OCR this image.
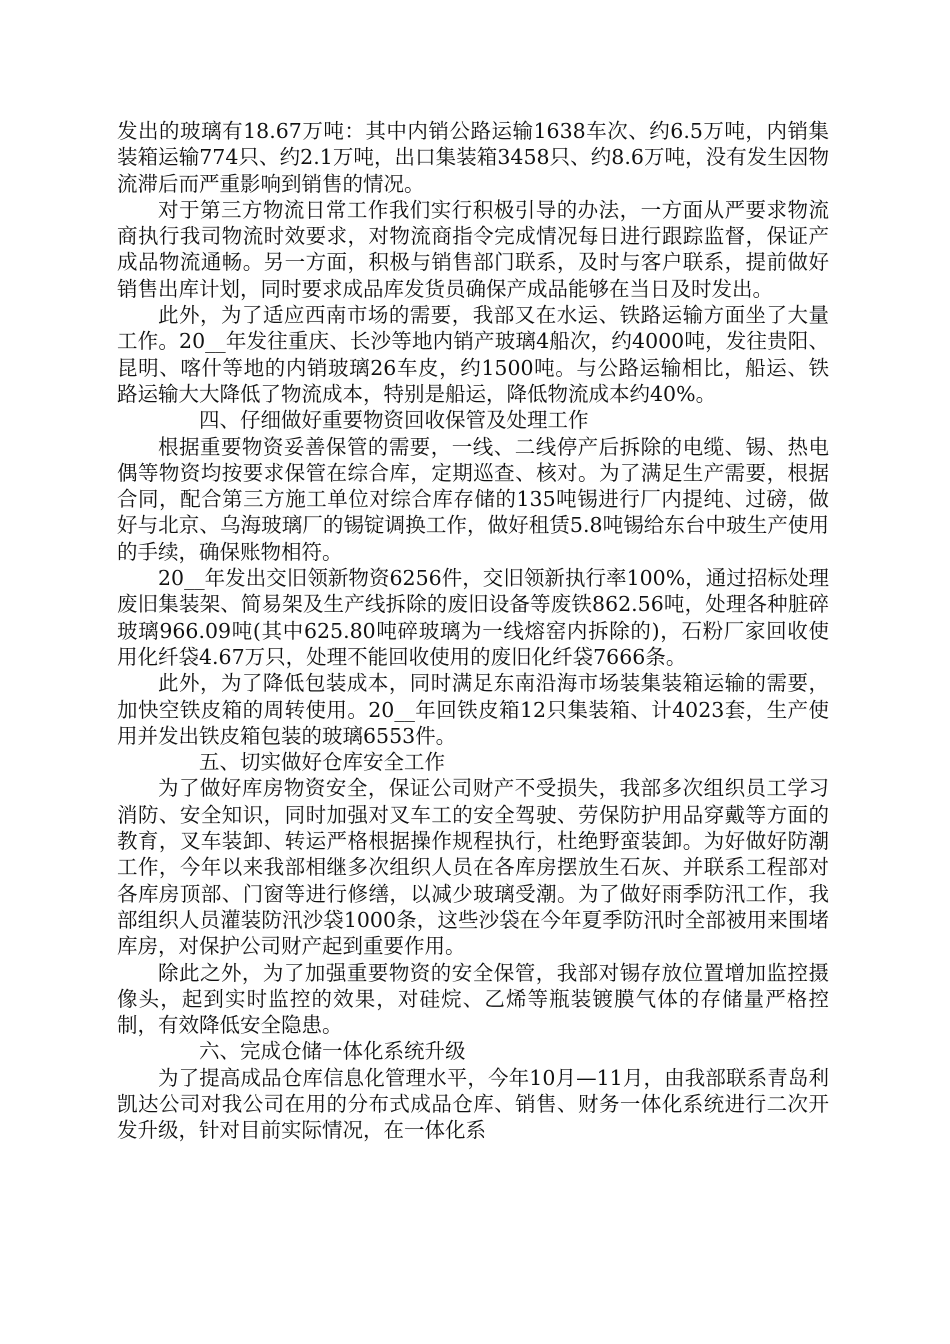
发出的玻璃有18.67万吨：其中内销公路运输1638车次、约6.5万吨，内销集装箱运输774只、约2.1万吨，出口集装箱3458只、约8.6万吨，没有发生因物流滞后而严重影响到销售的情况。

对于第三方物流日常工作我们实行积极引导的办法，一方面从严要求物流商执行我司物流时效要求，对物流商指令完成情况每日进行跟踪监督，保证产成品物流通畅。另一方面，积极与销售部门联系，及时与客户联系，提前做好销售出库计划，同时要求成品库发货员确保产成品能够在当日及时发出。

此外，为了适应西南市场的需要，我部又在水运、铁路运输方面坐了大量工作。20__年发往重庆、长沙等地内销产玻璃4船次，约4000吨，发往贵阳、昆明、喀什等地的内销玻璃26车皮，约1500吨。与公路运输相比，船运、铁路运输大大降低了物流成本，特别是船运，降低物流成本约40%。

四、仔细做好重要物资回收保管及处理工作

根据重要物资妥善保管的需要，一线、二线停产后拆除的电缆、锡、热电偶等物资均按要求保管在综合库，定期巡查、核对。为了满足生产需要，根据合同，配合第三方施工单位对综合库存储的135吨锡进行厂内提纯、过磅，做好与北京、乌海玻璃厂的锡锭调换工作，做好租赁5.8吨锡给东台中玻生产使用的手续，确保账物相符。

20__年发出交旧领新物资6256件，交旧领新执行率100%，通过招标处理废旧集装架、简易架及生产线拆除的废旧设备等废铁862.56吨，处理各种脏碎玻璃966.09吨(其中625.80吨碎玻璃为一线熔窑内拆除的)，石粉厂家回收使用化纤袋4.67万只，处理不能回收使用的废旧化纤袋7666条。

此外，为了降低包装成本，同时满足东南沿海市场装集装箱运输的需要，加快空铁皮箱的周转使用。20__年回铁皮箱12只集装箱、计4023套，生产使用并发出铁皮箱包装的玻璃6553件。

五、切实做好仓库安全工作

为了做好库房物资安全，保证公司财产不受损失，我部多次组织员工学习消防、安全知识，同时加强对叉车工的安全驾驶、劳保防护用品穿戴等方面的教育，叉车装卸、转运严格根据操作规程执行，杜绝野蛮装卸。为好做好防潮工作，今年以来我部相继多次组织人员在各库房摆放生石灰、并联系工程部对各库房顶部、门窗等进行修缮，以减少玻璃受潮。为了做好雨季防汛工作，我部组织人员灌装防汛沙袋1000条，这些沙袋在今年夏季防汛时全部被用来围堵库房，对保护公司财产起到重要作用。

除此之外，为了加强重要物资的安全保管，我部对锡存放位置增加监控摄像头，起到实时监控的效果，对硅烷、乙烯等瓶装镀膜气体的存储量严格控制，有效降低安全隐患。

六、完成仓储一体化系统升级

为了提高成品仓库信息化管理水平，今年10月—11月，由我部联系青岛利凯达公司对我公司在用的分布式成品仓库、销售、财务一体化系统进行二次开发升级，针对目前实际情况，在一体化系
